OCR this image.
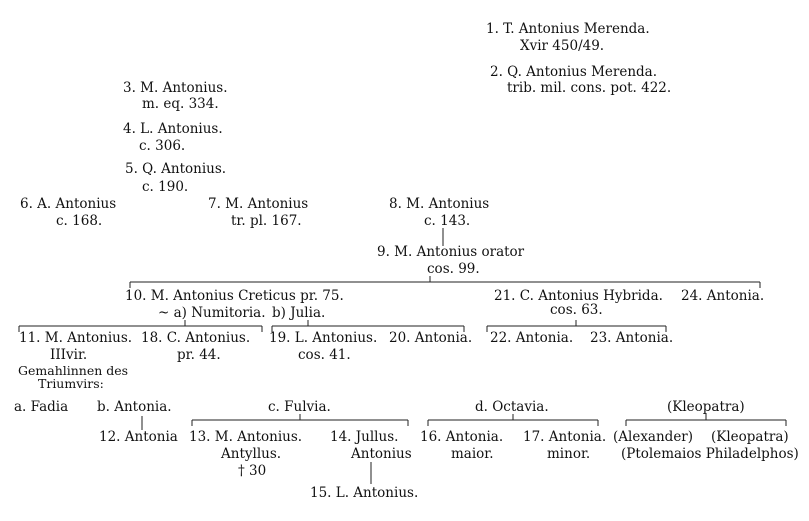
1. T. Antonius Merenda.
Xvir 450/49.
2. Q. Antonius Merenda.
trib. mil. cons. pot. 422.
3. M. Antonius.
m. eq. 334.
4. L. Antonius.
c. 306.
5. Q. Antonius.
c. 190.
6. A. Antonius
c. 168.
7. M. Antonius
tr. pl. 167.
8. M. Antonius
c. 143.
9. M. Antonius orator
cos. 99.
10. M. Antonius Creticus pr. 75.
~ a) Numitoria. b) Julia.
21. C. Antonius Hybrida.
cos. 63.
24. Antonia.
11. M. Antonius.
IIIvir.
18. C. Antonius.
pr. 44.
19. L. Antonius.
cos. 41.
20. Antonia. 22. Antonia. 23. Antonia.
Gemahlinnen des
Triumvirs:
a. Fadia b. Antonia.	c. Fulvia.	d. Octavia.	(Kleopatra)
12. Antonia 13. M. Antonius.
Antyllus.
† 30
14. Jullus.
Antonius
16. Antonia.
maior.
17. Antonia.
minor.
(Alexander) (Kleopatra)
(Ptolemaios Philadelphos)
15. L. Antonius.
